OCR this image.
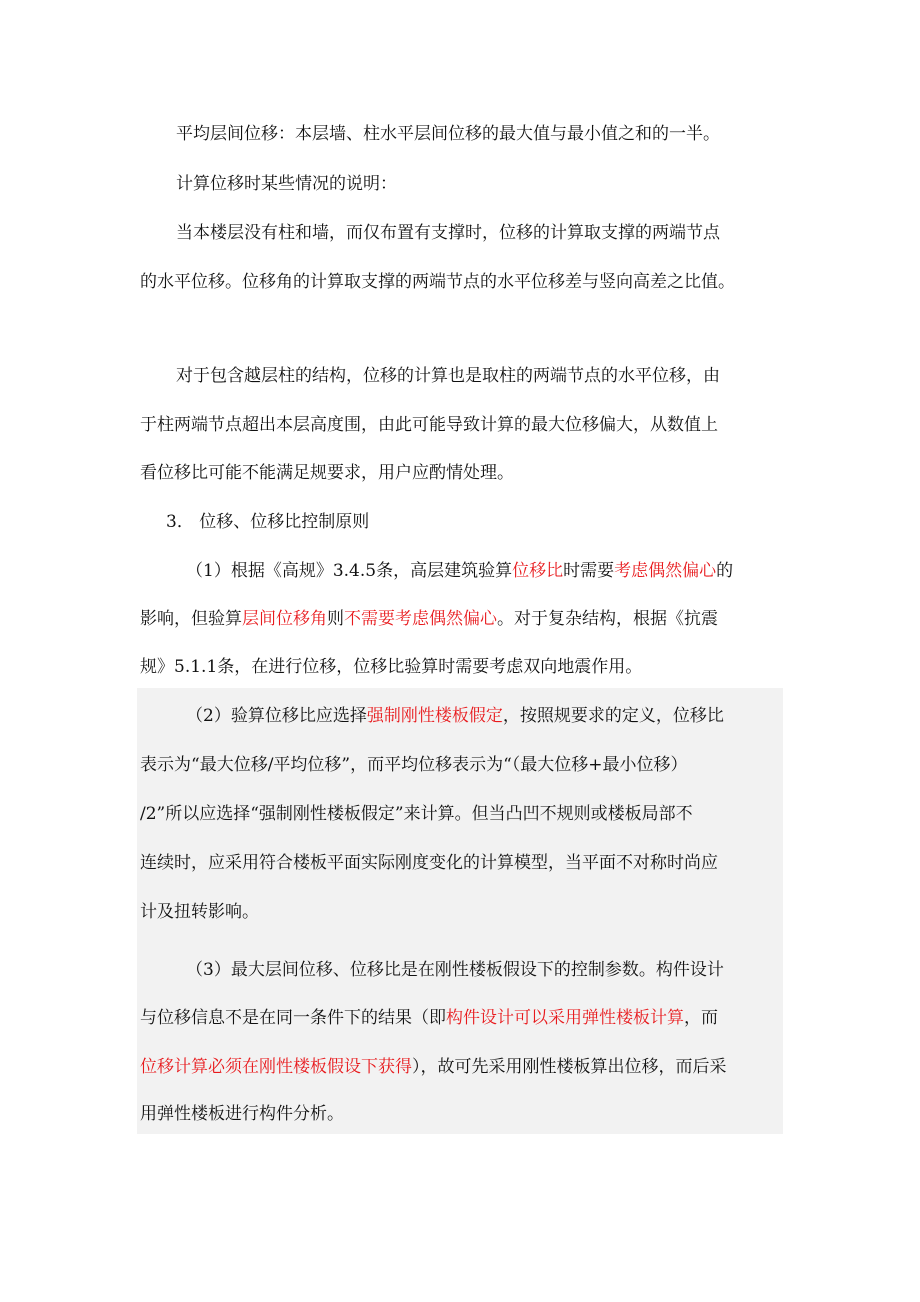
平均层间位移：本层墙、柱水平层间位移的最大值与最小值之和的一半。
计算位移时某些情况的说明：
当本楼层没有柱和墙，而仅布置有支撑时，位移的计算取支撑的两端节点
的水平位移。位移角的计算取支撑的两端节点的水平位移差与竖向高差之比值。
对于包含越层柱的结构，位移的计算也是取柱的两端节点的水平位移，由
于柱两端节点超出本层高度围，由此可能导致计算的最大位移偏大，从数值上
看位移比可能不能满足规要求，用户应酌情处理。
3． 位移、位移比控制原则
（1）根据《高规》3.4.5条，高层建筑验算位移比时需要考虑偶然偏心的
影响，但验算层间位移角则不需要考虑偶然偏心。对于复杂结构，根据《抗震
规》5.1.1条，在进行位移，位移比验算时需要考虑双向地震作用。
（2）验算位移比应选择强制刚性楼板假定，按照规要求的定义，位移比
表示为“最大位移/平均位移”，而平均位移表示为“（最大位移+最小位移）
/2”所以应选择“强制刚性楼板假定”来计算。但当凸凹不规则或楼板局部不
连续时，应采用符合楼板平面实际刚度变化的计算模型，当平面不对称时尚应
计及扭转影响。
（3）最大层间位移、位移比是在刚性楼板假设下的控制参数。构件设计
与位移信息不是在同一条件下的结果（即构件设计可以采用弹性楼板计算，而
位移计算必须在刚性楼板假设下获得），故可先采用刚性楼板算出位移，而后采
用弹性楼板进行构件分析。
